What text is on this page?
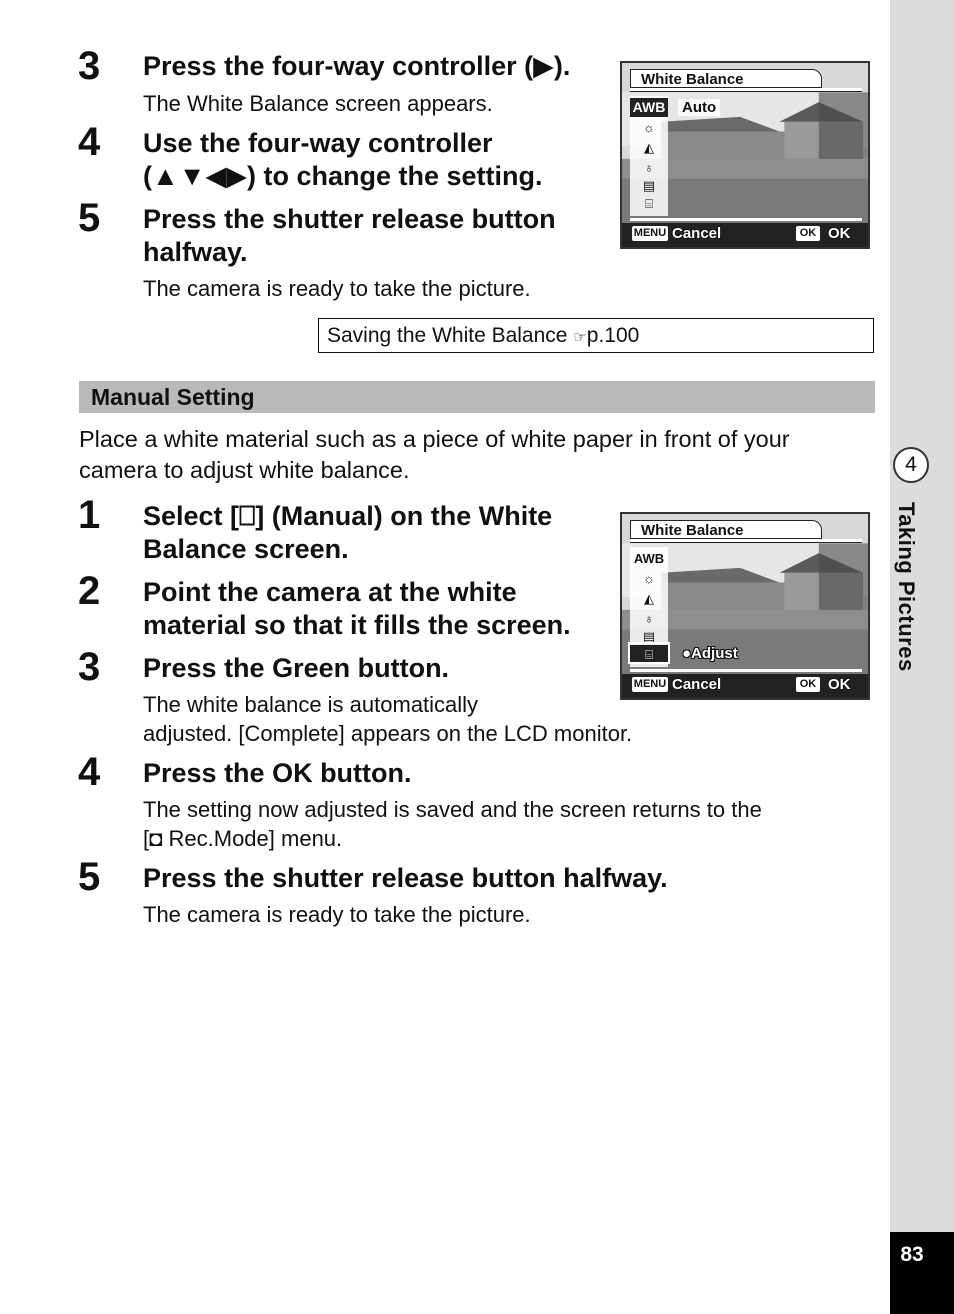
4
Taking Pictures
83
3 Press the four-way controller (▶).
The White Balance screen appears.
4 Use the four-way controller
(▲▼◀▶) to change the setting.
5 Press the shutter release button
halfway.
The camera is ready to take the picture.
White Balance
AWB Auto
☼
◭
♁
▤
⌸
MENU Cancel	OK OK
Saving the White Balance ☞p.100
Manual Setting
Place a white material such as a piece of white paper in front of your camera to adjust white balance.
1 Select [⎕] (Manual) on the White
Balance screen.
2 Point the camera at the white
material so that it fills the screen.
3 Press the Green button.
The white balance is automatically
adjusted. [Complete] appears on the LCD monitor.
4 Press the OK button.
The setting now adjusted is saved and the screen returns to the
[◘ Rec.Mode] menu.
5 Press the shutter release button halfway.
The camera is ready to take the picture.
White Balance
AWB
☼
◭
♁
▤
⌸	●Adjust
MENU Cancel	OK OK
